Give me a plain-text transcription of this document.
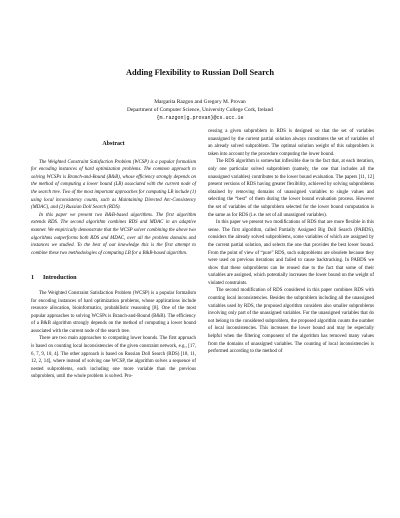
Adding Flexibility to Russian Doll Search
Margarita Razgon and Gregory M. Provan
Department of Computer Science, University College Cork, Ireland
{m.razgon|g.provan}@cs.ucc.ie
Abstract

The Weighted Constraint Satisfaction Problem (WCSP) is a popular formalism for encoding instances of hard optimization problems. The common approach to solving WCSPs is Branch-and-Bound (B&B), whose efficiency strongly depends on the method of computing a lower bound (LB) associated with the current node of the search tree. Two of the most important approaches for computing LB include (1) using local inconsistency counts, such as Maintaining Directed Arc-Consistency (MDAC), and (2) Russian Doll Search (RDS).

In this paper we present two B&B-based algorithms. The first algorithm extends RDS. The second algorithm combines RDS and MDAC in an adaptive manner. We empirically demonstrate that the WCSP solver combining the above two algorithms outperforms both RDS and MDAC, over all the problem domains and instances we studied. To the best of our knowledge this is the first attempt to combine these two methodologies of computing LB for a B&B-based algorithm.

1 Introduction

The Weighted Constraint Satisfaction Problem (WCSP) is a popular formalism for encoding instances of hard optimization problems, whose applications include resource allocation, bioinformatics, probabilistic reasoning [8]. One of the most popular approaches to solving WCSPs is Branch-and-Bound (B&B). The efficiency of a B&B algorithm strongly depends on the method of computing a lower bound associated with the current node of the search tree.

There are two main approaches to computing lower bounds. The first approach is based on counting local inconsistencies of the given constraint network, e.g., [17, 6, 7, 9, 10, 4]. The other approach is based on Russian Doll Search (RDS) [18, 11, 12, 2, 14], where instead of solving one WCSP, the algorithm solves a sequence of nested subproblems, each including one more variable than the previous subproblem, until the whole problem is solved. Pro-

cessing a given subproblem in RDS is designed so that the set of variables unassigned by the current partial solution always constitutes the set of variables of an already solved subproblem. The optimal solution weight of this subproblem is taken into account by the procedure computing the lower bound.

The RDS algorithm is somewhat inflexible due to the fact that, at each iteration, only one particular solved subproblem (namely, the one that includes all the unassigned variables) contributes to the lower bound evaluation. The papers [11, 12] present versions of RDS having greater flexibility, achieved by solving subproblems obtained by removing domains of unassigned variables to single values and selecting the “best” of them during the lower bound evaluation process. However the set of variables of the subproblem selected for the lower bound computation is the same as for RDS (i.e. the set of all unassigned variables).

In this paper we present two modifications of RDS that are more flexible in this sense. The first algorithm, called Partially Assigned Big Doll Search (PABDS), considers the already solved subproblems, some variables of which are assigned by the current partial solution, and selects the one that provides the best lower bound. From the point of view of “pure” RDS, such subproblems are obsolete because they were used on previous iterations and failed to cause backtracking. In PABDS we show that these subproblems can be reused due to the fact that some of their variables are assigned, which potentially increases the lower bound on the weight of violated constraints.

The second modification of RDS considered in this paper combines RDS with counting local inconsistencies. Besides the subproblem including all the unassigned variables used by RDS, the proposed algorithm considers also smaller subproblems involving only part of the unassigned variables. For the unassigned variables that do not belong to the considered subproblem, the proposed algorithm counts the number of local inconsistencies. This increases the lower bound and may be especially helpful when the filtering component of the algorithm has removed many values from the domains of unassigned variables. The counting of local inconsistencies is performed according to the method of
